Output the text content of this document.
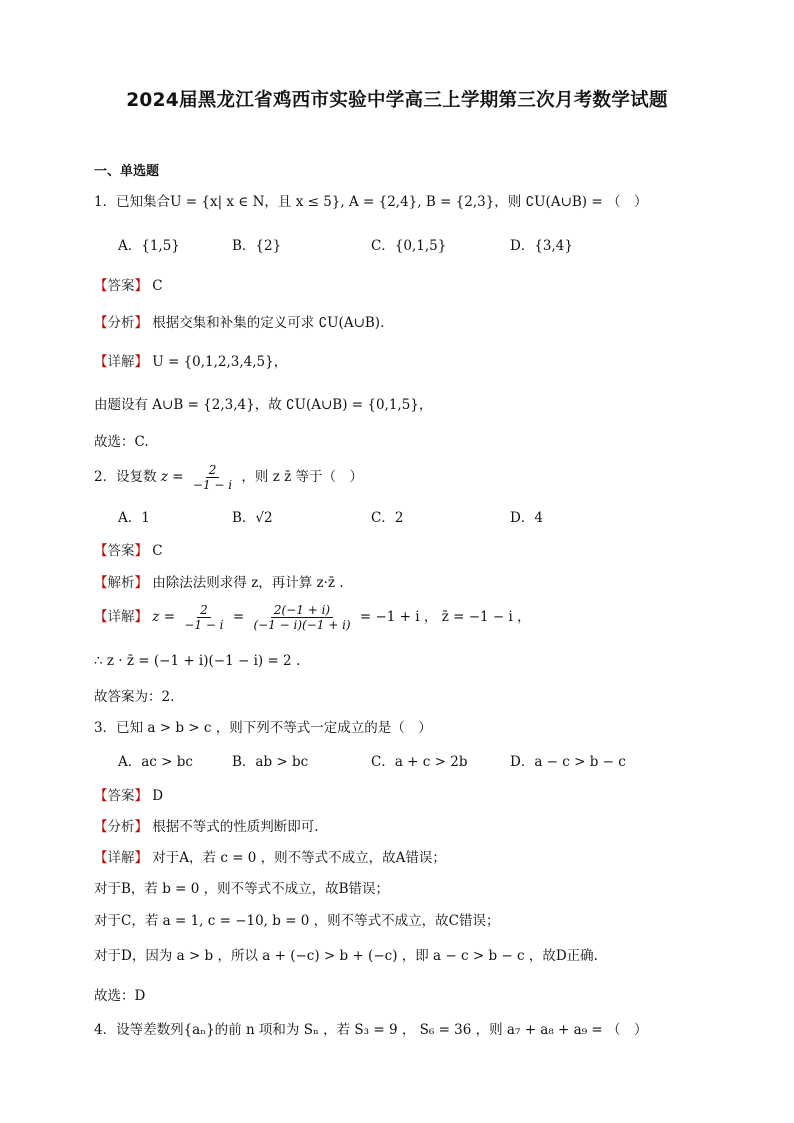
2024届黑龙江省鸡西市实验中学高三上学期第三次月考数学试题
一、单选题
1．已知集合U = {x| x ∈ N，且 x ≤ 5}, A = {2,4}, B = {2,3}，则 ∁U(A∪B) = （　）
A．{1,5}	B．{2}	C．{0,1,5}	D．{3,4}
【答案】 C
【分析】 根据交集和补集的定义可求 ∁U(A∪B).
【详解】 U = {0,1,2,3,4,5}，
由题设有 A∪B = {2,3,4}，故 ∁U(A∪B) = {0,1,5}，
故选：C.
2．设复数 $z = \frac{2}{-1 - i}$ ，则 z z̄ 等于（　）
A．1	B．√2	C．2	D．4
【答案】 C
【解析】 由除法法则求得 z，再计算 z·z̄ .
【详解】 $z = \frac{2}{-1 - i} = \frac{2(-1 + i)}{(-1 - i)(-1 + i)} = -1 + i$ ， z̄ = −1 − i ，
∴ z · z̄ = (−1 + i)(−1 − i) = 2 .
故答案为：2.
3．已知 a > b > c ，则下列不等式一定成立的是（　）
A．ac > bc	B．ab > bc	C．a + c > 2b	D．a − c > b − c
【答案】 D
【分析】 根据不等式的性质判断即可.
【详解】 对于A，若 c = 0 ，则不等式不成立，故A错误；
对于B，若 b = 0 ，则不等式不成立，故B错误；
对于C，若 a = 1, c = −10, b = 0 ，则不等式不成立，故C错误；
对于D，因为 a > b ，所以 a + (−c) > b + (−c) ，即 a − c > b − c ，故D正确.
故选：D
4．设等差数列{aₙ}的前 n 项和为 Sₙ ，若 S₃ = 9 ， S₆ = 36 ，则 a₇ + a₈ + a₉ = （　）
